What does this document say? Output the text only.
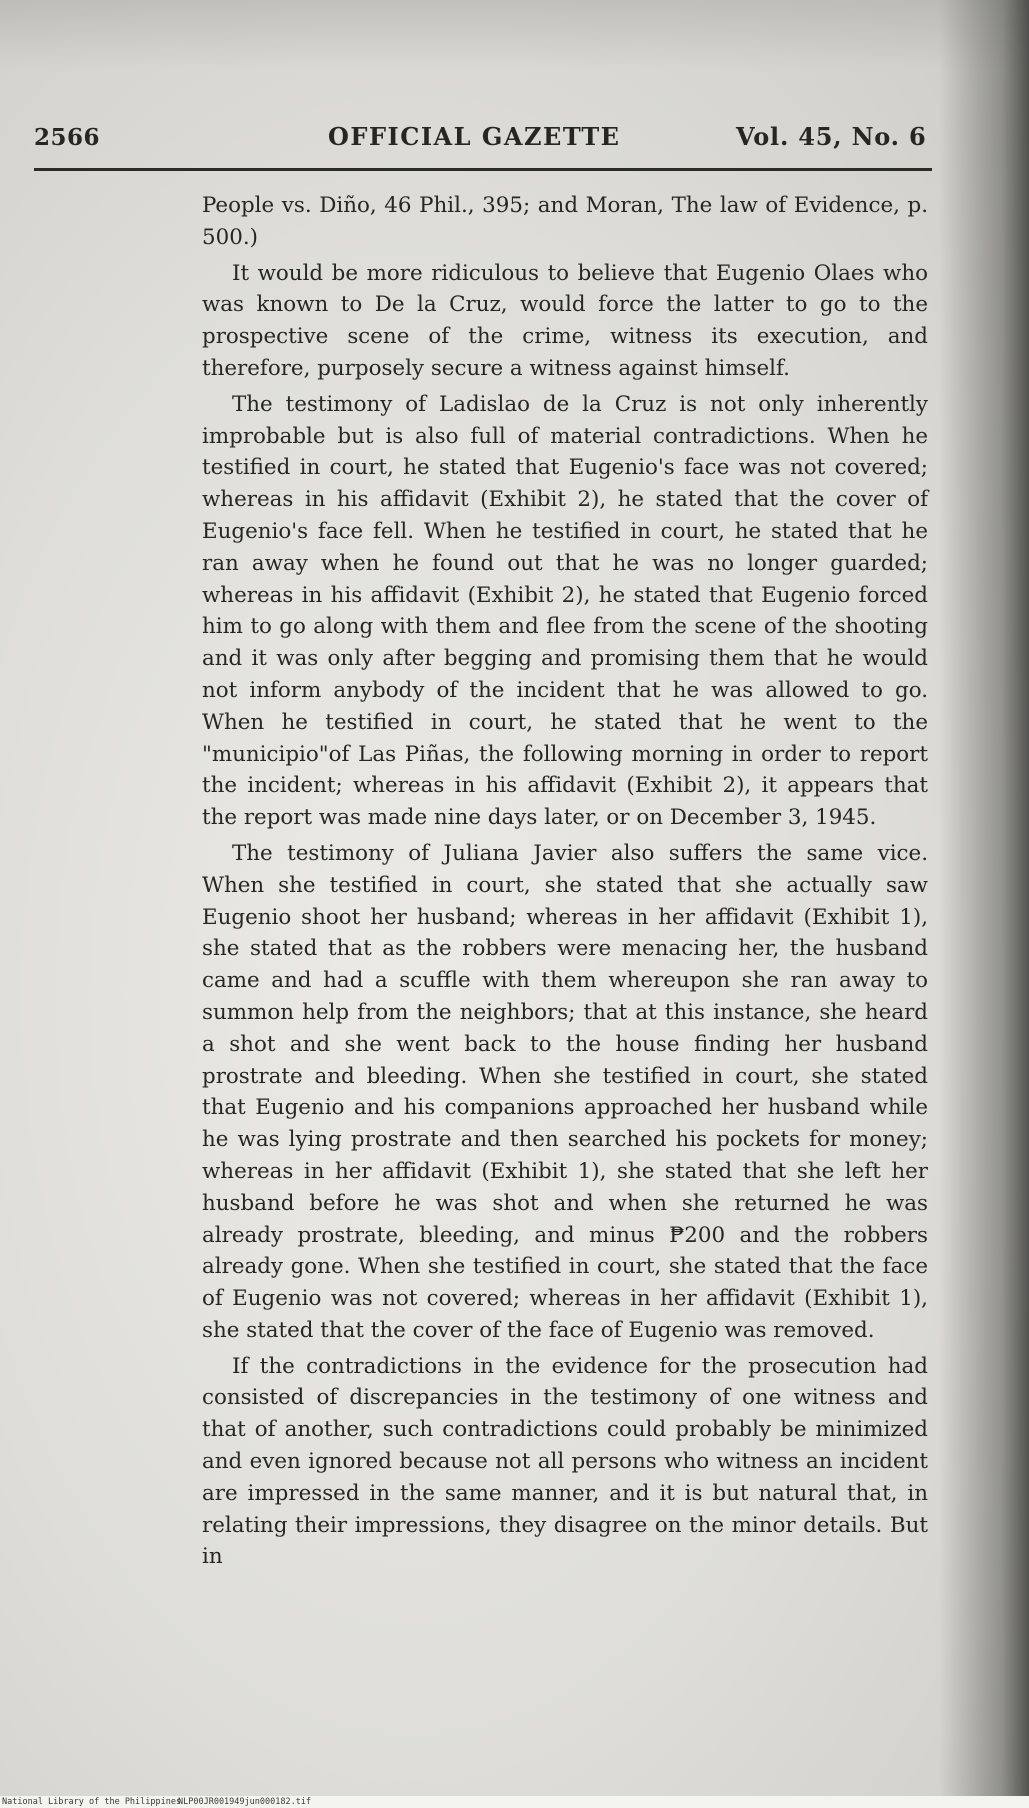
2566	OFFICIAL GAZETTE	Vol. 45, No. 6

People vs. Diño, 46 Phil., 395; and Moran, The law of Evidence, p. 500.)

It would be more ridiculous to believe that Eugenio Olaes who was known to De la Cruz, would force the latter to go to the prospective scene of the crime, witness its execution, and therefore, purposely secure a witness against himself.

The testimony of Ladislao de la Cruz is not only inherently improbable but is also full of material contradictions. When he testified in court, he stated that Eugenio's face was not covered; whereas in his affidavit (Exhibit 2), he stated that the cover of Eugenio's face fell. When he testified in court, he stated that he ran away when he found out that he was no longer guarded; whereas in his affidavit (Exhibit 2), he stated that Eugenio forced him to go along with them and flee from the scene of the shooting and it was only after begging and promising them that he would not inform anybody of the incident that he was allowed to go. When he testified in court, he stated that he went to the "municipio"of Las Piñas, the following morning in order to report the incident; whereas in his affidavit (Exhibit 2), it appears that the report was made nine days later, or on December 3, 1945.

The testimony of Juliana Javier also suffers the same vice. When she testified in court, she stated that she actually saw Eugenio shoot her husband; whereas in her affidavit (Exhibit 1), she stated that as the robbers were menacing her, the husband came and had a scuffle with them whereupon she ran away to summon help from the neighbors; that at this instance, she heard a shot and she went back to the house finding her husband prostrate and bleeding. When she testified in court, she stated that Eugenio and his companions approached her husband while he was lying prostrate and then searched his pockets for money; whereas in her affidavit (Exhibit 1), she stated that she left her husband before he was shot and when she returned he was already prostrate, bleeding, and minus ₱200 and the robbers already gone. When she testified in court, she stated that the face of Eugenio was not covered; whereas in her affidavit (Exhibit 1), she stated that the cover of the face of Eugenio was removed.

If the contradictions in the evidence for the prosecution had consisted of discrepancies in the testimony of one witness and that of another, such contradictions could probably be minimized and even ignored because not all persons who witness an incident are impressed in the same manner, and it is but natural that, in relating their impressions, they disagree on the minor details. But in

National Library of the Philippines
NLP00JR001949jun000182.tif
